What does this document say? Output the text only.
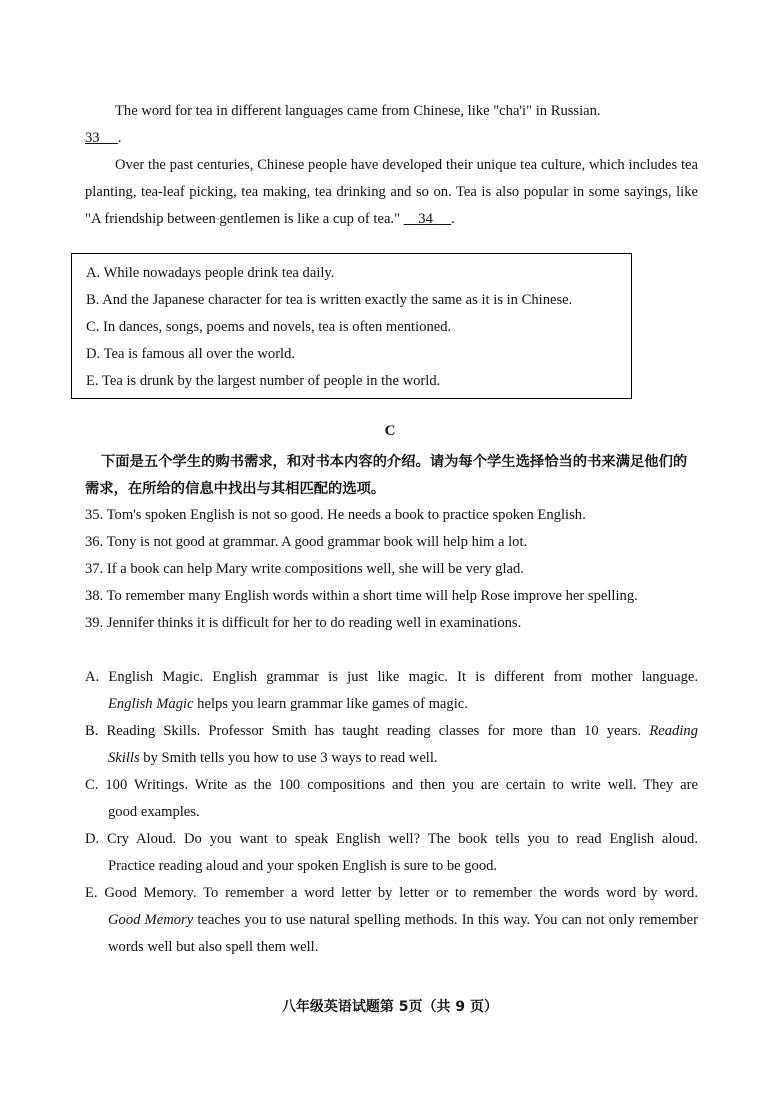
The word for tea in different languages came from Chinese, like "cha'i" in Russian.
33 .

Over the past centuries, Chinese people have developed their unique tea culture, which includes tea planting, tea-leaf picking, tea making, tea drinking and so on. Tea is also popular in some sayings, like "A friendship between gentlemen is like a cup of tea." 34 .

A. While nowadays people drink tea daily.
B. And the Japanese character for tea is written exactly the same as it is in Chinese.
C. In dances, songs, poems and novels, tea is often mentioned.
D. Tea is famous all over the world.
E. Tea is drunk by the largest number of people in the world.
C
下面是五个学生的购书需求，和对书本内容的介绍。请为每个学生选择恰当的书来满足他们的需求，在所给的信息中找出与其相匹配的选项。
35. Tom's spoken English is not so good. He needs a book to practice spoken English.
36. Tony is not good at grammar. A good grammar book will help him a lot.
37. If a book can help Mary write compositions well, she will be very glad.
38. To remember many English words within a short time will help Rose improve her spelling.
39. Jennifer thinks it is difficult for her to do reading well in examinations.
A. English Magic. English grammar is just like magic. It is different from mother language.
English Magic helps you learn grammar like games of magic.
B. Reading Skills. Professor Smith has taught reading classes for more than 10 years. Reading
Skills by Smith tells you how to use 3 ways to read well.
C. 100 Writings. Write as the 100 compositions and then you are certain to write well. They are
good examples.
D. Cry Aloud. Do you want to speak English well? The book tells you to read English aloud.
Practice reading aloud and your spoken English is sure to be good.
E. Good Memory. To remember a word letter by letter or to remember the words word by word.
Good Memory teaches you to use natural spelling methods. In this way. You can not only remember words well but also spell them well.
八年级英语试题第 5页（共 9 页）
